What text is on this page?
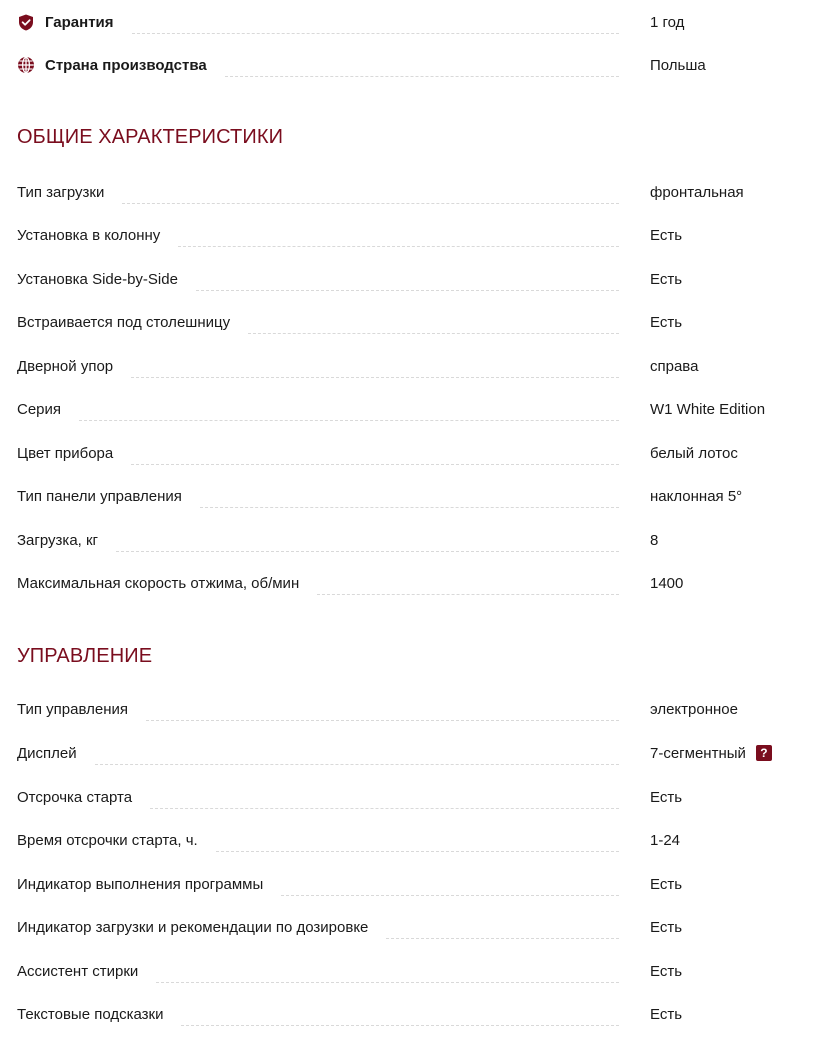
Гарантия	1 год
Страна производства	Польша
ОБЩИЕ ХАРАКТЕРИСТИКИ
Тип загрузки	фронтальная
Установка в колонну	Есть
Установка Side-by-Side	Есть
Встраивается под столешницу	Есть
Дверной упор	справа
Серия	W1 White Edition
Цвет прибора	белый лотос
Тип панели управления	наклонная 5°
Загрузка, кг	8
Максимальная скорость отжима, об/мин	1400
УПРАВЛЕНИЕ
Тип управления	электронное
Дисплей	7-сегментный	?
Отсрочка старта	Есть
Время отсрочки старта, ч.	1-24
Индикатор выполнения программы	Есть
Индикатор загрузки и рекомендации по дозировке	Есть
Ассистент стирки	Есть
Текстовые подсказки	Есть
